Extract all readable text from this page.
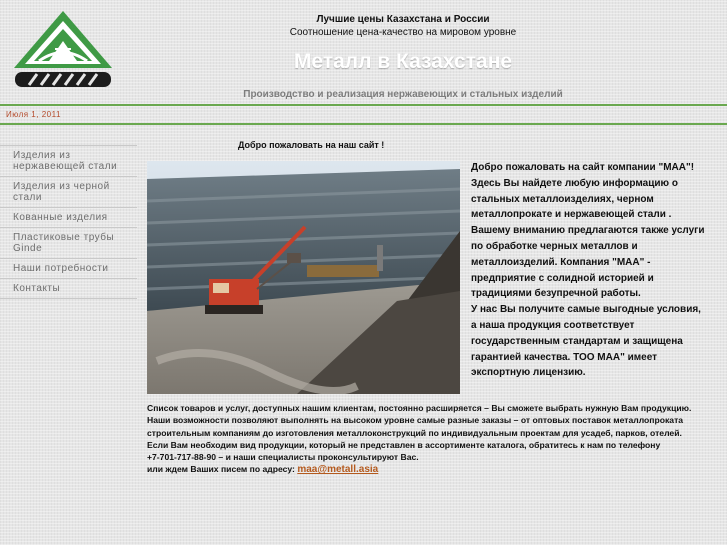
Лучшие цены Казахстана и России
Соотношение цена-качество на мировом уровне
Металл в Казахстане
Производство и реализация нержавеющих и стальных изделий
Июля 1, 2011
Изделия из нержавеющей стали
Изделия из черной стали
Кованные изделия
Пластиковые трубы Ginde
Наши потребности
Контакты
Добро пожаловать на наш сайт !
Добро пожаловать на сайт компании "МАА"!
Здесь Вы найдете любую информацию о
стальных металлоизделиях, черном
металлопрокате и нержавеющей стали .
Вашему вниманию предлагаются также услуги
по обработке черных металлов и
металлоизделий. Компания "МАА" -
предприятие с солидной историей и
традициями безупречной работы.
У нас Вы получите самые выгодные условия,
а наша продукция соответствует
государственным стандартам и защищена
гарантией качества. ТОО МАА" имеет
экспортную лицензию.
Список товаров и услуг, доступных нашим клиентам, постоянно расширяется – Вы сможете выбрать нужную Вам продукцию.
Наши возможности позволяют выполнять на высоком уровне самые разные заказы – от оптовых поставок металлопроката
строительным компаниям до изготовления металлоконструкций по индивидуальным проектам для усадеб, парков, отелей.
Если Вам необходим вид продукции, который не представлен в ассортименте каталога, обратитесь к нам по телефону
+7-701-717-88-90 – и наши специалисты проконсультируют Вас.
или ждем Ваших писем по адресу: maa@metall.asia
